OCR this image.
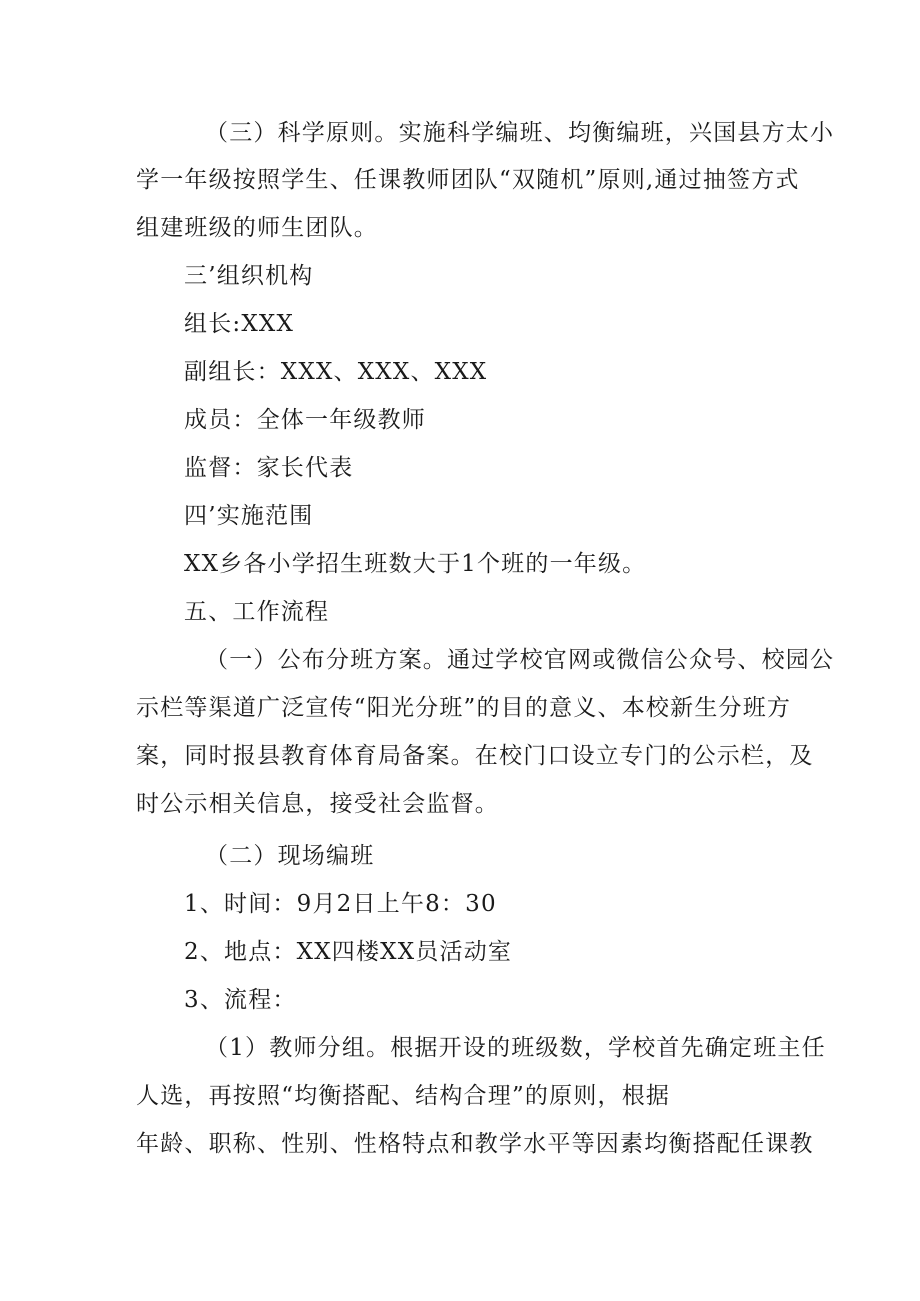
（三）科学原则。实施科学编班、均衡编班，兴国县方太小
学一年级按照学生、任课教师团队“双随机”原则,通过抽签方式
组建班级的师生团队。
三’组织机构
组长:XXX
副组长：XXX、XXX、XXX
成员：全体一年级教师
监督：家长代表
四’实施范围
XX乡各小学招生班数大于1个班的一年级。
五、工作流程
（一）公布分班方案。通过学校官网或微信公众号、校园公
示栏等渠道广泛宣传“阳光分班”的目的意义、本校新生分班方
案，同时报县教育体育局备案。在校门口设立专门的公示栏，及
时公示相关信息，接受社会监督。
（二）现场编班
1、时间：9月2日上午8：30
2、地点：XX四楼XX员活动室
3、流程：
（1）教师分组。根据开设的班级数，学校首先确定班主任
人选，再按照“均衡搭配、结构合理”的原则，根据
年龄、职称、性别、性格特点和教学水平等因素均衡搭配任课教
